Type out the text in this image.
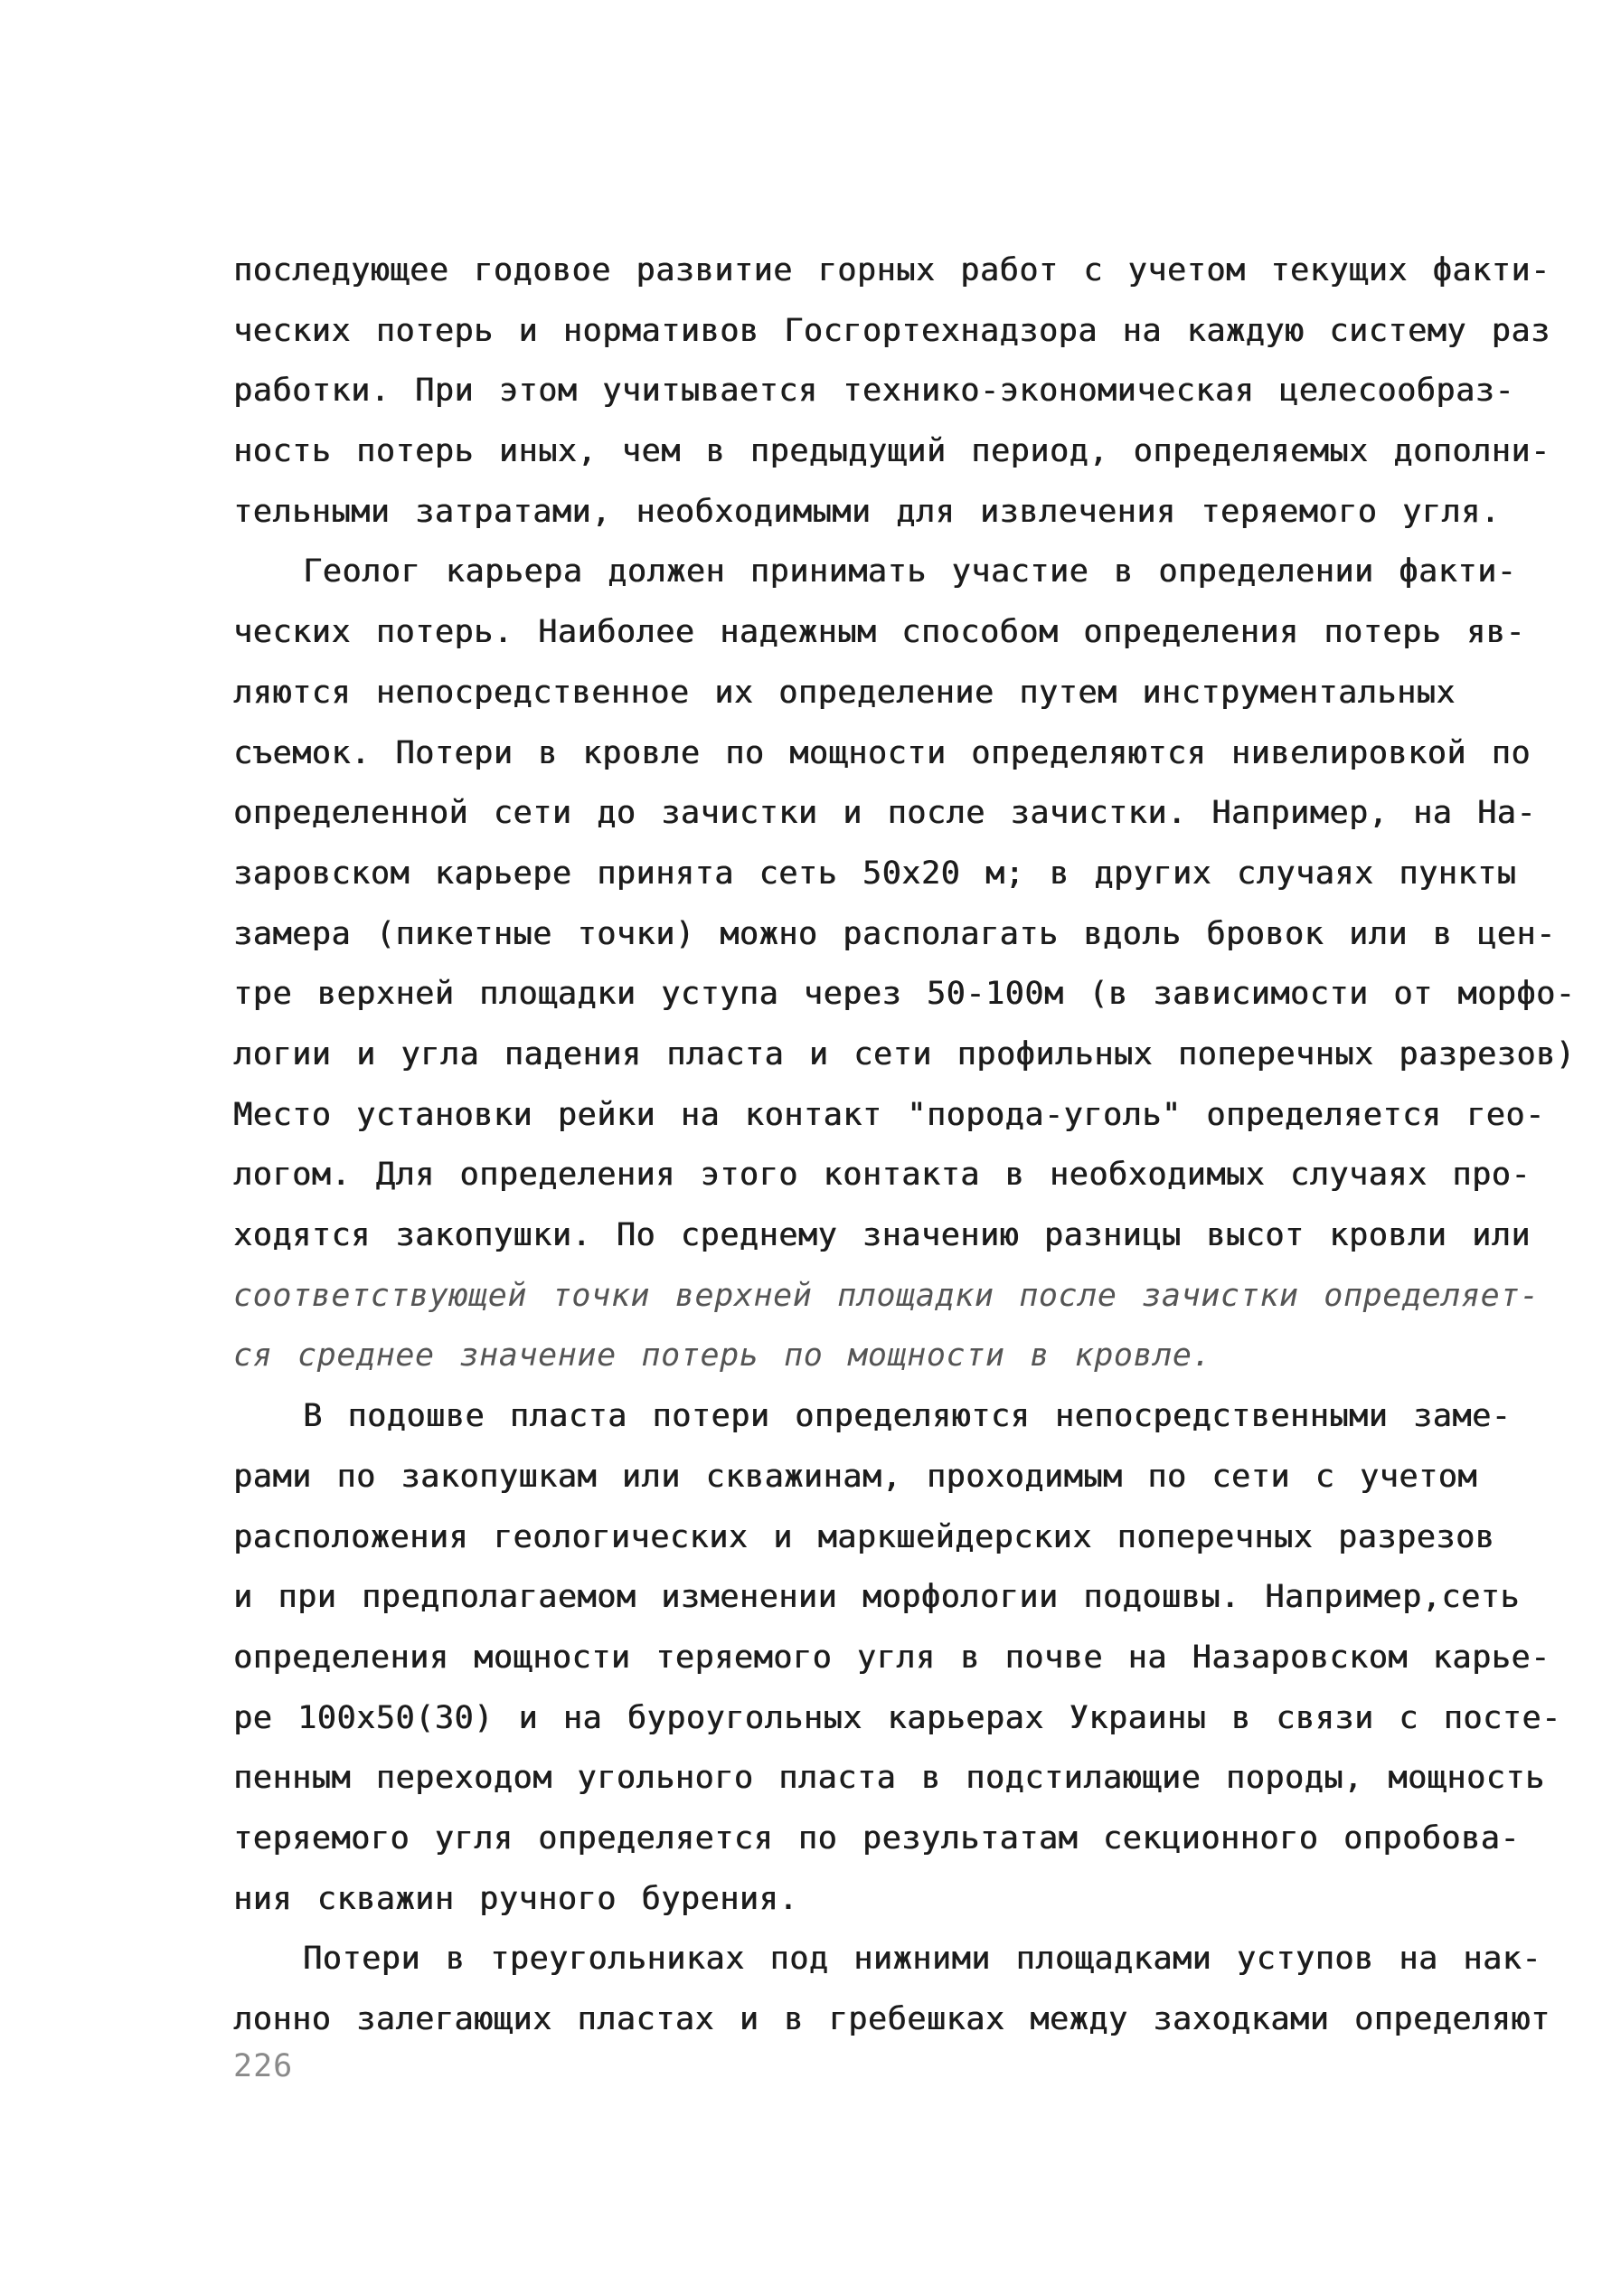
последующее годовое развитие горных работ с учетом текущих факти-
ческих потерь и нормативов Госгортехнадзора на каждую систему раз
работки. При этом учитывается технико-экономическая целесообраз-
ность потерь иных, чем в предыдущий период, определяемых дополни-
тельными затратами, необходимыми для извлечения теряемого угля.
Геолог карьера должен принимать участие в определении факти-
ческих потерь. Наиболее надежным способом определения потерь яв-
ляются непосредственное их определение путем инструментальных
съемок. Потери в кровле по мощности определяются нивелировкой по
определенной сети до зачистки и после зачистки. Например, на На-
заровском карьере принята сеть 50х20 м; в других случаях пункты
замера (пикетные точки) можно располагать вдоль бровок или в цен-
тре верхней площадки уступа через 50-100м (в зависимости от морфо-
логии и угла падения пласта и сети профильных поперечных разрезов)
Место установки рейки на контакт "порода-уголь" определяется гео-
логом. Для определения этого контакта в необходимых случаях про-
ходятся закопушки. По среднему значению разницы высот кровли или
соответствующей точки верхней площадки после зачистки определяет-
ся среднее значение потерь по мощности в кровле.
В подошве пласта потери определяются непосредственными заме-
рами по закопушкам или скважинам, проходимым по сети с учетом
расположения геологических и маркшейдерских поперечных разрезов
и при предполагаемом изменении морфологии подошвы. Например,сеть
определения мощности теряемого угля в почве на Назаровском карье-
ре 100х50(30) и на буроугольных карьерах Украины в связи с посте-
пенным переходом угольного пласта в подстилающие породы, мощность
теряемого угля определяется по результатам секционного опробова-
ния скважин ручного бурения.
Потери в треугольниках под нижними площадками уступов на нак-
лонно залегающих пластах и в гребешках между заходками определяют
226
